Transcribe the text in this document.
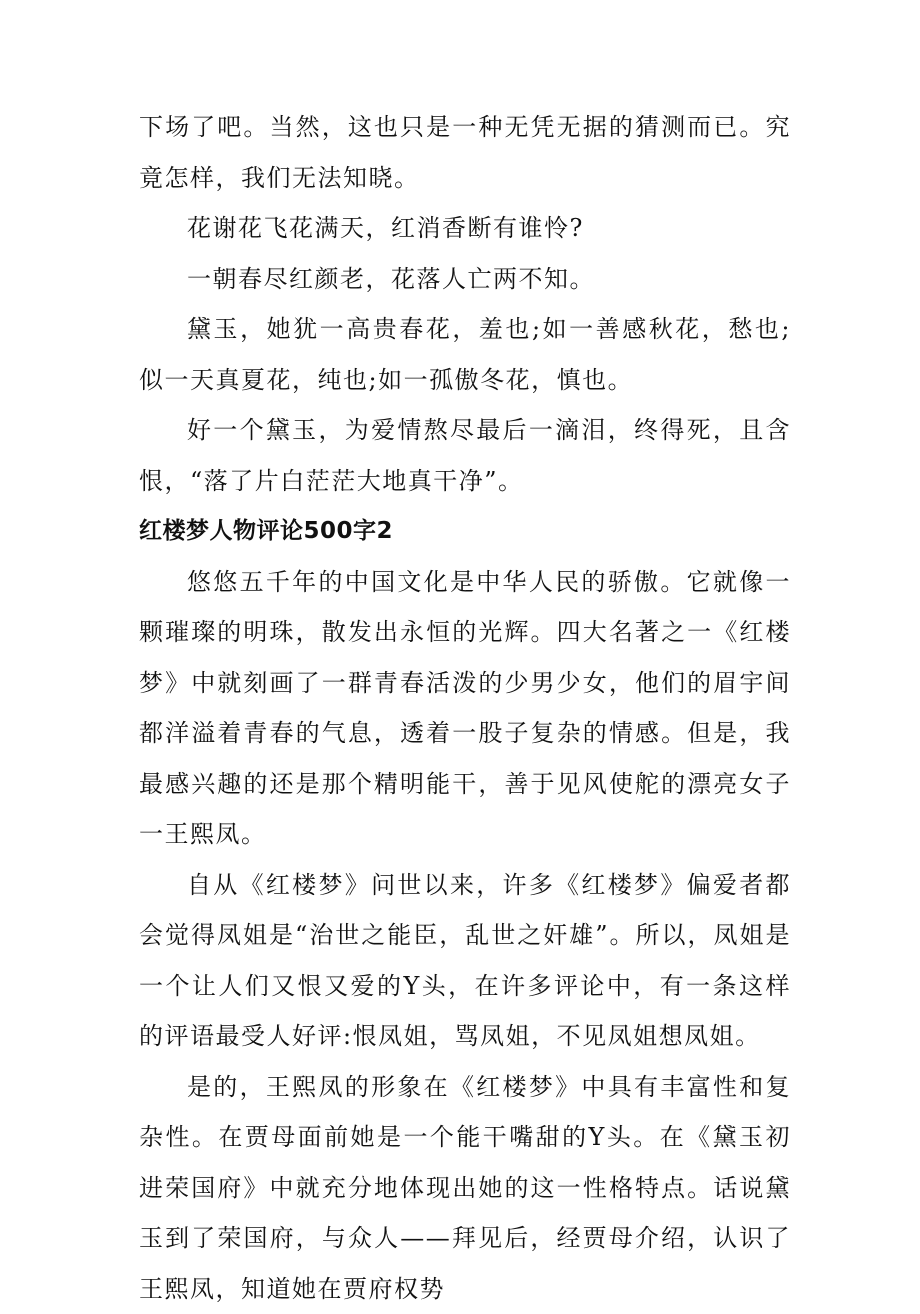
下场了吧。当然，这也只是一种无凭无据的猜测而已。究竟怎样，我们无法知晓。

花谢花飞花满天，红消香断有谁怜?

一朝春尽红颜老，花落人亡两不知。

黛玉，她犹一高贵春花，羞也;如一善感秋花，愁也;似一天真夏花，纯也;如一孤傲冬花，慎也。

好一个黛玉，为爱情熬尽最后一滴泪，终得死，且含恨，“落了片白茫茫大地真干净”。

红楼梦人物评论500字2

悠悠五千年的中国文化是中华人民的骄傲。它就像一颗璀璨的明珠，散发出永恒的光辉。四大名著之一《红楼梦》中就刻画了一群青春活泼的少男少女，他们的眉宇间都洋溢着青春的气息，透着一股子复杂的情感。但是，我最感兴趣的还是那个精明能干，善于见风使舵的漂亮女子一王熙凤。

自从《红楼梦》问世以来，许多《红楼梦》偏爱者都会觉得凤姐是“治世之能臣，乱世之奸雄”。所以，凤姐是一个让人们又恨又爱的Y头，在许多评论中，有一条这样的评语最受人好评:恨凤姐，骂凤姐，不见凤姐想凤姐。

是的，王熙凤的形象在《红楼梦》中具有丰富性和复杂性。在贾母面前她是一个能干嘴甜的Y头。在《黛玉初进荣国府》中就充分地体现出她的这一性格特点。话说黛玉到了荣国府，与众人——拜见后，经贾母介绍，认识了王熙凤，知道她在贾府权势
